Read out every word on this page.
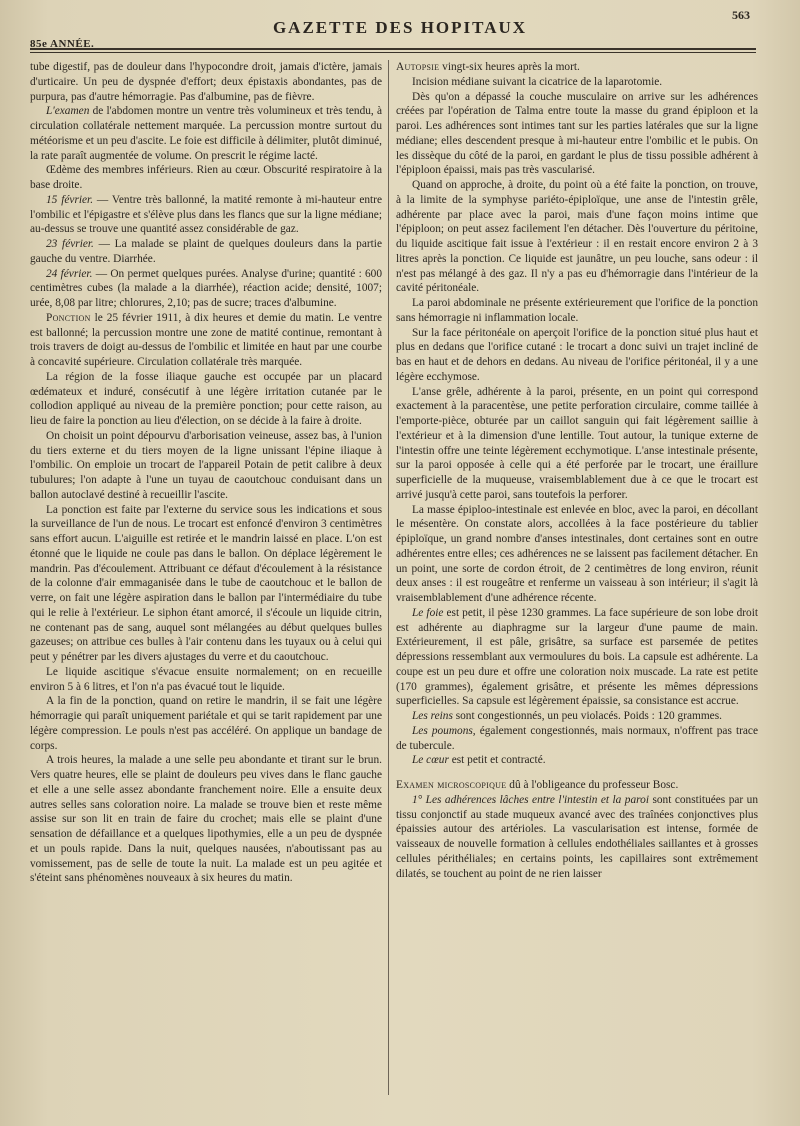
563
GAZETTE DES HOPITAUX
85e ANNÉE.

tube digestif, pas de douleur dans l'hypocondre droit, jamais d'ictère, jamais d'urticaire. Un peu de dyspnée d'effort; deux épistaxis abondantes, pas de purpura, pas d'autre hémorragie. Pas d'albumine, pas de fièvre.

L'examen de l'abdomen montre un ventre très volumineux et très tendu, à circulation collatérale nettement marquée. La percussion montre surtout du météorisme et un peu d'ascite. Le foie est difficile à délimiter, plutôt diminué, la rate paraît augmentée de volume. On prescrit le régime lacté.

Œdème des membres inférieurs. Rien au cœur. Obscurité respiratoire à la base droite.

15 février. — Ventre très ballonné, la matité remonte à mi-hauteur entre l'ombilic et l'épigastre et s'élève plus dans les flancs que sur la ligne médiane; au-dessus se trouve une quantité assez considérable de gaz.

23 février. — La malade se plaint de quelques douleurs dans la partie gauche du ventre. Diarrhée.

24 février. — On permet quelques purées. Analyse d'urine; quantité : 600 centimètres cubes (la malade a la diarrhée), réaction acide; densité, 1007; urée, 8,08 par litre; chlorures, 2,10; pas de sucre; traces d'albumine.

Ponction le 25 février 1911, à dix heures et demie du matin. Le ventre est ballonné; la percussion montre une zone de matité continue, remontant à trois travers de doigt au-dessus de l'ombilic et limitée en haut par une courbe à concavité supérieure. Circulation collatérale très marquée.

La région de la fosse iliaque gauche est occupée par un placard œdémateux et induré, consécutif à une légère irritation cutanée par le collodion appliqué au niveau de la première ponction; pour cette raison, au lieu de faire la ponction au lieu d'élection, on se décide à la faire à droite.

On choisit un point dépourvu d'arborisation veineuse, assez bas, à l'union du tiers externe et du tiers moyen de la ligne unissant l'épine iliaque à l'ombilic. On emploie un trocart de l'appareil Potain de petit calibre à deux tubulures; l'on adapte à l'une un tuyau de caoutchouc conduisant dans un ballon autoclavé destiné à recueillir l'ascite.

La ponction est faite par l'externe du service sous les indications et sous la surveillance de l'un de nous. Le trocart est enfoncé d'environ 3 centimètres sans effort aucun. L'aiguille est retirée et le mandrin laissé en place. L'on est étonné que le liquide ne coule pas dans le ballon. On déplace légèrement le mandrin. Pas d'écoulement. Attribuant ce défaut d'écoulement à la résistance de la colonne d'air emmaganisée dans le tube de caoutchouc et le ballon de verre, on fait une légère aspiration dans le ballon par l'intermédiaire du tube qui le relie à l'extérieur. Le siphon étant amorcé, il s'écoule un liquide citrin, ne contenant pas de sang, auquel sont mélangées au début quelques bulles gazeuses; on attribue ces bulles à l'air contenu dans les tuyaux ou à celui qui peut y pénétrer par les divers ajustages du verre et du caoutchouc.

Le liquide ascitique s'évacue ensuite normalement; on en recueille environ 5 à 6 litres, et l'on n'a pas évacué tout le liquide.

A la fin de la ponction, quand on retire le mandrin, il se fait une légère hémorragie qui paraît uniquement pariétale et qui se tarit rapidement par une légère compression. Le pouls n'est pas accéléré. On applique un bandage de corps.

A trois heures, la malade a une selle peu abondante et tirant sur le brun. Vers quatre heures, elle se plaint de douleurs peu vives dans le flanc gauche et elle a une selle assez abondante franchement noire. Elle a ensuite deux autres selles sans coloration noire. La malade se trouve bien et reste même assise sur son lit en train de faire du crochet; mais elle se plaint d'une sensation de défaillance et a quelques lipothymies, elle a un peu de dyspnée et un pouls rapide. Dans la nuit, quelques nausées, n'aboutissant pas au vomissement, pas de selle de toute la nuit. La malade est un peu agitée et s'éteint sans phénomènes nouveaux à six heures du matin.

Autopsie vingt-six heures après la mort.

Incision médiane suivant la cicatrice de la laparotomie.

Dès qu'on a dépassé la couche musculaire on arrive sur les adhérences créées par l'opération de Talma entre toute la masse du grand épiploon et la paroi. Les adhérences sont intimes tant sur les parties latérales que sur la ligne médiane; elles descendent presque à mi-hauteur entre l'ombilic et le pubis. On les dissèque du côté de la paroi, en gardant le plus de tissu possible adhérent à l'épiploon épaissi, mais pas très vascularisé.

Quand on approche, à droite, du point où a été faite la ponction, on trouve, à la limite de la symphyse pariéto-épiploïque, une anse de l'intestin grêle, adhérente par place avec la paroi, mais d'une façon moins intime que l'épiploon; on peut assez facilement l'en détacher. Dès l'ouverture du péritoine, du liquide ascitique fait issue à l'extérieur : il en restait encore environ 2 à 3 litres après la ponction. Ce liquide est jaunâtre, un peu louche, sans odeur : il n'est pas mélangé à des gaz. Il n'y a pas eu d'hémorragie dans l'intérieur de la cavité péritonéale.

La paroi abdominale ne présente extérieurement que l'orifice de la ponction sans hémorragie ni inflammation locale.

Sur la face péritonéale on aperçoit l'orifice de la ponction situé plus haut et plus en dedans que l'orifice cutané : le trocart a donc suivi un trajet incliné de bas en haut et de dehors en dedans. Au niveau de l'orifice péritonéal, il y a une légère ecchymose.

L'anse grêle, adhérente à la paroi, présente, en un point qui correspond exactement à la paracentèse, une petite perforation circulaire, comme taillée à l'emporte-pièce, obturée par un caillot sanguin qui fait légèrement saillie à l'extérieur et à la dimension d'une lentille. Tout autour, la tunique externe de l'intestin offre une teinte légèrement ecchymotique. L'anse intestinale présente, sur la paroi opposée à celle qui a été perforée par le trocart, une éraillure superficielle de la muqueuse, vraisemblablement due à ce que le trocart est arrivé jusqu'à cette paroi, sans toutefois la perforer.

La masse épiploo-intestinale est enlevée en bloc, avec la paroi, en décollant le mésentère. On constate alors, accollées à la face postérieure du tablier épiploïque, un grand nombre d'anses intestinales, dont certaines sont en outre adhérentes entre elles; ces adhérences ne se laissent pas facilement détacher. En un point, une sorte de cordon étroit, de 2 centimètres de long environ, réunit deux anses : il est rougeâtre et renferme un vaisseau à son intérieur; il s'agit là vraisemblablement d'une adhérence récente.

Le foie est petit, il pèse 1230 grammes. La face supérieure de son lobe droit est adhérente au diaphragme sur la largeur d'une paume de main. Extérieurement, il est pâle, grisâtre, sa surface est parsemée de petites dépressions ressemblant aux vermoulures du bois. La capsule est adhérente. La coupe est un peu dure et offre une coloration noix muscade. La rate est petite (170 grammes), également grisâtre, et présente les mêmes dépressions superficielles. Sa capsule est légèrement épaissie, sa consistance est accrue.

Les reins sont congestionnés, un peu violacés. Poids : 120 grammes.

Les poumons, également congestionnés, mais normaux, n'offrent pas trace de tubercule.

Le cœur est petit et contracté.

Examen microscopique dû à l'obligeance du professeur Bosc.

1° Les adhérences lâches entre l'intestin et la paroi sont constituées par un tissu conjonctif au stade muqueux avancé avec des traînées conjonctives plus épaissies autour des artérioles. La vascularisation est intense, formée de vaisseaux de nouvelle formation à cellules endothéliales saillantes et à grosses cellules périthéliales; en certains points, les capillaires sont extrêmement dilatés, se touchent au point de ne rien laisser
